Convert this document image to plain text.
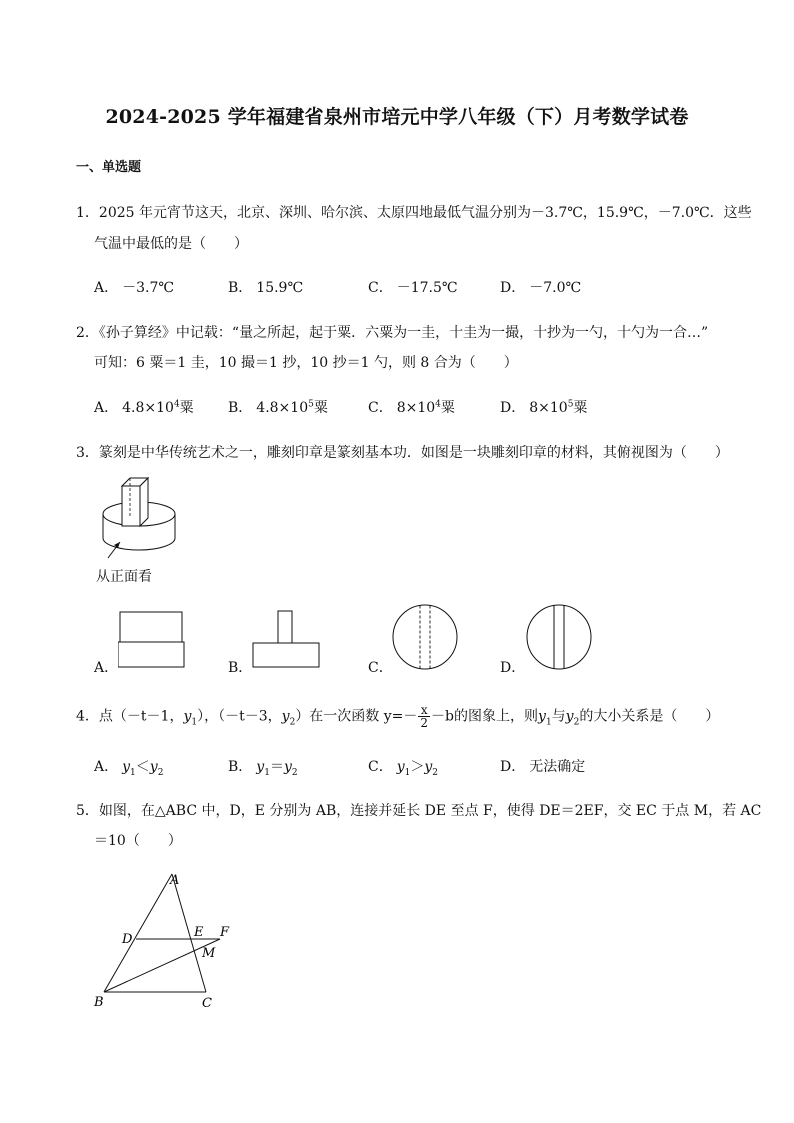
2024-2025 学年福建省泉州市培元中学八年级（下）月考数学试卷
一、单选题
1．2025 年元宵节这天，北京、深圳、哈尔滨、太原四地最低气温分别为－3.7℃，15.9℃，－7.0℃．这些
气温中最低的是（　　）
A． －3.7℃	B． 15.9℃	C． －17.5℃	D． －7.0℃
2．《孙子算经》中记载：“量之所起，起于粟．六粟为一圭，十圭为一撮，十抄为一勺，十勺为一合…”
可知：6 粟＝1 圭，10 撮＝1 抄，10 抄＝1 勺，则 8 合为（　　）
A． $4.8\times 10^4$粟 B． $4.8\times 10^5$粟	C． $8\times 10^4$粟	D． $8\times 10^5$粟
3．篆刻是中华传统艺术之一，雕刻印章是篆刻基本功．如图是一块雕刻印章的材料，其俯视图为（　　）
从正面看
A．	B．	C．	D．
4．点（－t－1，$y_1$），（－t－3，$y_2$）在一次函数 $y=- \frac{x}{2} -b$的图象上，则$y_1$与$y_2$的大小关系是（　　）
A． $y_1<y_2$	B． $y_1=y_2$	C． $y_1>y_2$	D． 无法确定
5．如图，在△ABC 中，D，E 分别为 AB，连接并延长 DE 至点 F，使得 DE＝2EF，交 EC 于点 M，若 AC
＝10（　　）
A
B	C
D	E F
M
